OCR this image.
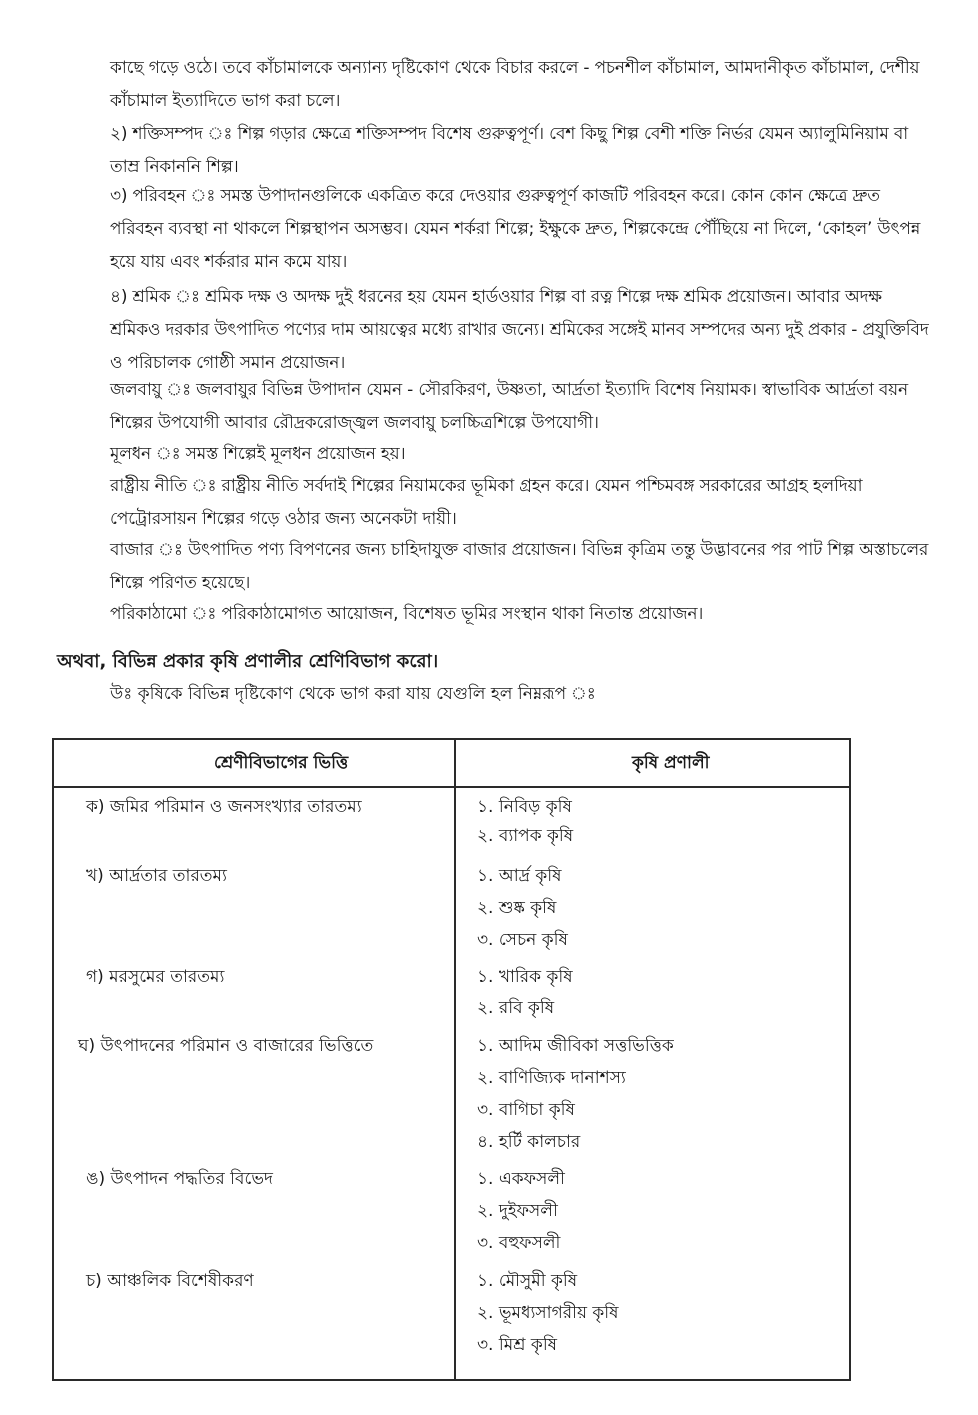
কাছে গড়ে ওঠে। তবে কাঁচামালকে অন্যান্য দৃষ্টিকোণ থেকে বিচার করলে - পচনশীল কাঁচামাল, আমদানীকৃত কাঁচামাল, দেশীয় কাঁচামাল ইত্যাদিতে ভাগ করা চলে।

২) শক্তিসম্পদ ঃ শিল্প গড়ার ক্ষেত্রে শক্তিসম্পদ বিশেষ গুরুত্বপূর্ণ। বেশ কিছু শিল্প বেশী শক্তি নির্ভর যেমন অ্যালুমিনিয়াম বা তাম্র নিকাননি শিল্প।

৩) পরিবহন ঃ সমস্ত উপাদানগুলিকে একত্রিত করে দেওয়ার গুরুত্বপূর্ণ কাজটি পরিবহন করে। কোন কোন ক্ষেত্রে দ্রুত পরিবহন ব্যবস্থা না থাকলে শিল্পস্থাপন অসম্ভব। যেমন শর্করা শিল্পে; ইক্ষুকে দ্রুত, শিল্পকেন্দ্রে পৌঁছিয়ে না দিলে, ‘কোহল’ উৎপন্ন হয়ে যায় এবং শর্করার মান কমে যায়।

৪) শ্রমিক ঃ শ্রমিক দক্ষ ও অদক্ষ দুই ধরনের হয় যেমন হার্ডওয়ার শিল্প বা রত্ন শিল্পে দক্ষ শ্রমিক প্রয়োজন। আবার অদক্ষ শ্রমিকও দরকার উৎপাদিত পণ্যের দাম আয়ত্বের মধ্যে রাখার জন্যে। শ্রমিকের সঙ্গেই মানব সম্পদের অন্য দুই প্রকার - প্রযুক্তিবিদ ও পরিচালক গোষ্ঠী সমান প্রয়োজন।

জলবায়ু ঃ জলবায়ুর বিভিন্ন উপাদান যেমন - সৌরকিরণ, উষ্ণতা, আর্দ্রতা ইত্যাদি বিশেষ নিয়ামক। স্বাভাবিক আর্দ্রতা বয়ন শিল্পের উপযোগী আবার রৌদ্রকরোজ্জ্বল জলবায়ু চলচ্চিত্রশিল্পে উপযোগী।

মূলধন ঃ সমস্ত শিল্পেই মূলধন প্রয়োজন হয়।

রাষ্ট্রীয় নীতি ঃ রাষ্ট্রীয় নীতি সর্বদাই শিল্পের নিয়ামকের ভূমিকা গ্রহন করে। যেমন পশ্চিমবঙ্গ সরকারের আগ্রহ হলদিয়া পেট্রোরসায়ন শিল্পের গড়ে ওঠার জন্য অনেকটা দায়ী।

বাজার ঃ উৎপাদিত পণ্য বিপণনের জন্য চাহিদাযুক্ত বাজার প্রয়োজন। বিভিন্ন কৃত্রিম তন্তু উদ্ভাবনের পর পাট শিল্প অস্তাচলের শিল্পে পরিণত হয়েছে।

পরিকাঠামো ঃ পরিকাঠামোগত আয়োজন, বিশেষত ভূমির সংস্থান থাকা নিতান্ত প্রয়োজন।

অথবা, বিভিন্ন প্রকার কৃষি প্রণালীর শ্রেণিবিভাগ করো।

উঃ কৃষিকে বিভিন্ন দৃষ্টিকোণ থেকে ভাগ করা যায় যেগুলি হল নিম্নরূপ ঃ

শ্রেণীবিভাগের ভিত্তি	কৃষি প্রণালী
ক) জমির পরিমান ও জনসংখ্যার তারতম্য	১. নিবিড় কৃষি
২. ব্যাপক কৃষি
খ) আর্দ্রতার তারতম্য	১. আর্দ্র কৃষি
২. শুষ্ক কৃষি
৩. সেচন কৃষি
গ) মরসুমের তারতম্য	১. খারিক কৃষি
২. রবি কৃষি
ঘ) উৎপাদনের পরিমান ও বাজারের ভিত্তিতে	১. আদিম জীবিকা সত্তভিত্তিক
২. বাণিজ্যিক দানাশস্য
৩. বাগিচা কৃষি
৪. হর্টি কালচার
ঙ) উৎপাদন পদ্ধতির বিভেদ	১. একফসলী
২. দুইফসলী
৩. বহুফসলী
চ) আঞ্চলিক বিশেষীকরণ	১. মৌসুমী কৃষি
২. ভূমধ্যসাগরীয় কৃষি
৩. মিশ্র কৃষি
